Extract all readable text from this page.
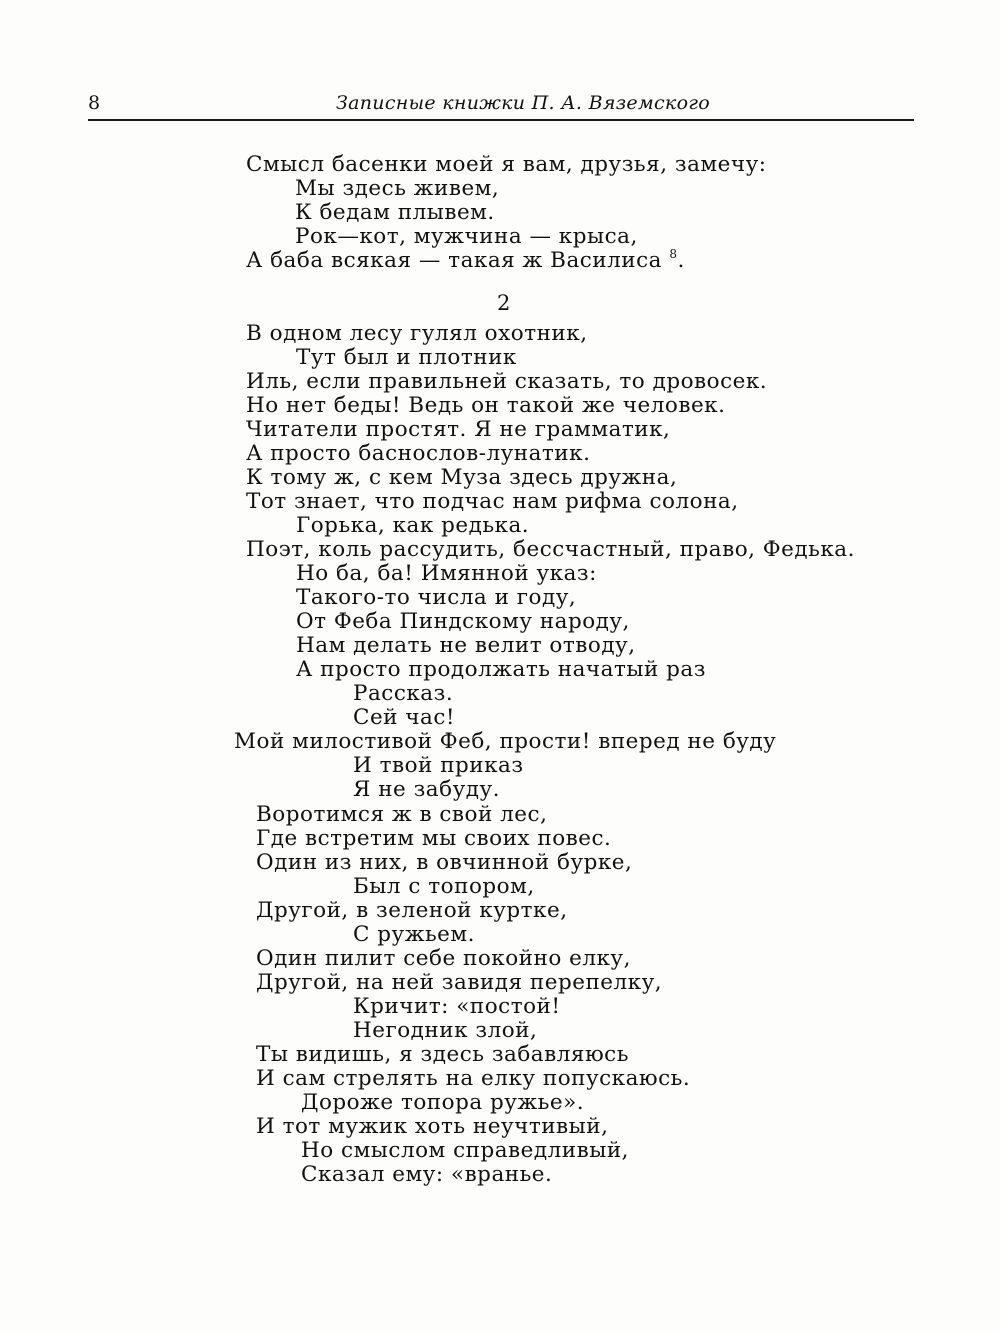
8	Записные книжки П. А. Вяземского
Смысл басенки моей я вам, друзья, замечу:
Мы здесь живем,
К бедам плывем.
Рок—кот, мужчина — крыса,
А баба всякая — такая ж Василиса $^8$.
2
В одном лесу гулял охотник,
Тут был и плотник
Иль, если правильней сказать, то дровосек.
Но нет беды! Ведь он такой же человек.
Читатели простят. Я не грамматик,
А просто баснослов-лунатик.
К тому ж, с кем Муза здесь дружна,
Тот знает, что подчас нам рифма солона,
Горька, как редька.
Поэт, коль рассудить, бессчастный, право, Федька.
Но ба, ба! Имянной указ:
Такого-то числа и году,
От Феба Пиндскому народу,
Нам делать не велит отводу,
А просто продолжать начатый раз
Рассказ.
Сей час!
Мой милостивой Феб, прости! вперед не буду
И твой приказ
Я не забуду.
Воротимся ж в свой лес,
Где встретим мы своих повес.
Один из них, в овчинной бурке,
Был с топором,
Другой, в зеленой куртке,
С ружьем.
Один пилит себе покойно елку,
Другой, на ней завидя перепелку,
Кричит: «постой!
Негодник злой,
Ты видишь, я здесь забавляюсь
И сам стрелять на елку попускаюсь.
Дороже топора ружье».
И тот мужик хоть неучтивый,
Но смыслом справедливый,
Сказал ему: «вранье.
